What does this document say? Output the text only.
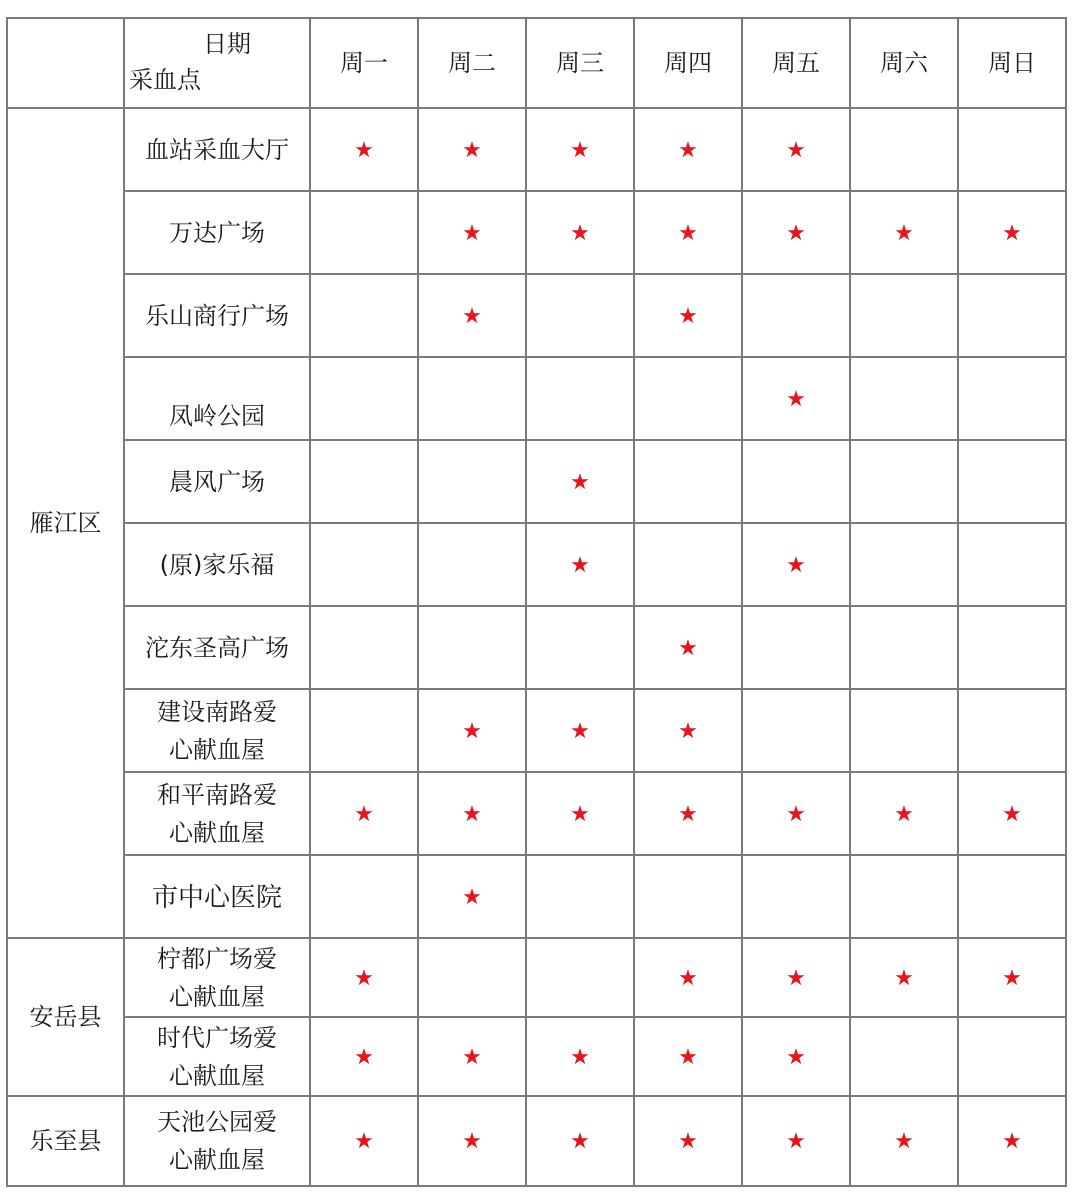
	日期
采血点	周一	周二	周三	周四	周五	周六	周日
雁江区	血站采血大厅	★	★	★	★	★		
	万达广场		★	★	★	★	★	★
	乐山商行广场		★		★			
	凤岭公园					★		
	晨风广场			★				
	(原)家乐福			★		★		
	沱东圣高广场				★			
	建设南路爱
心献血屋		★	★	★			
	和平南路爱
心献血屋	★	★	★	★	★	★	★
	市中心医院		★					
安岳县	柠都广场爱
心献血屋	★			★	★	★	★
	时代广场爱
心献血屋	★	★	★	★	★		
乐至县	天池公园爱
心献血屋	★	★	★	★	★	★	★
